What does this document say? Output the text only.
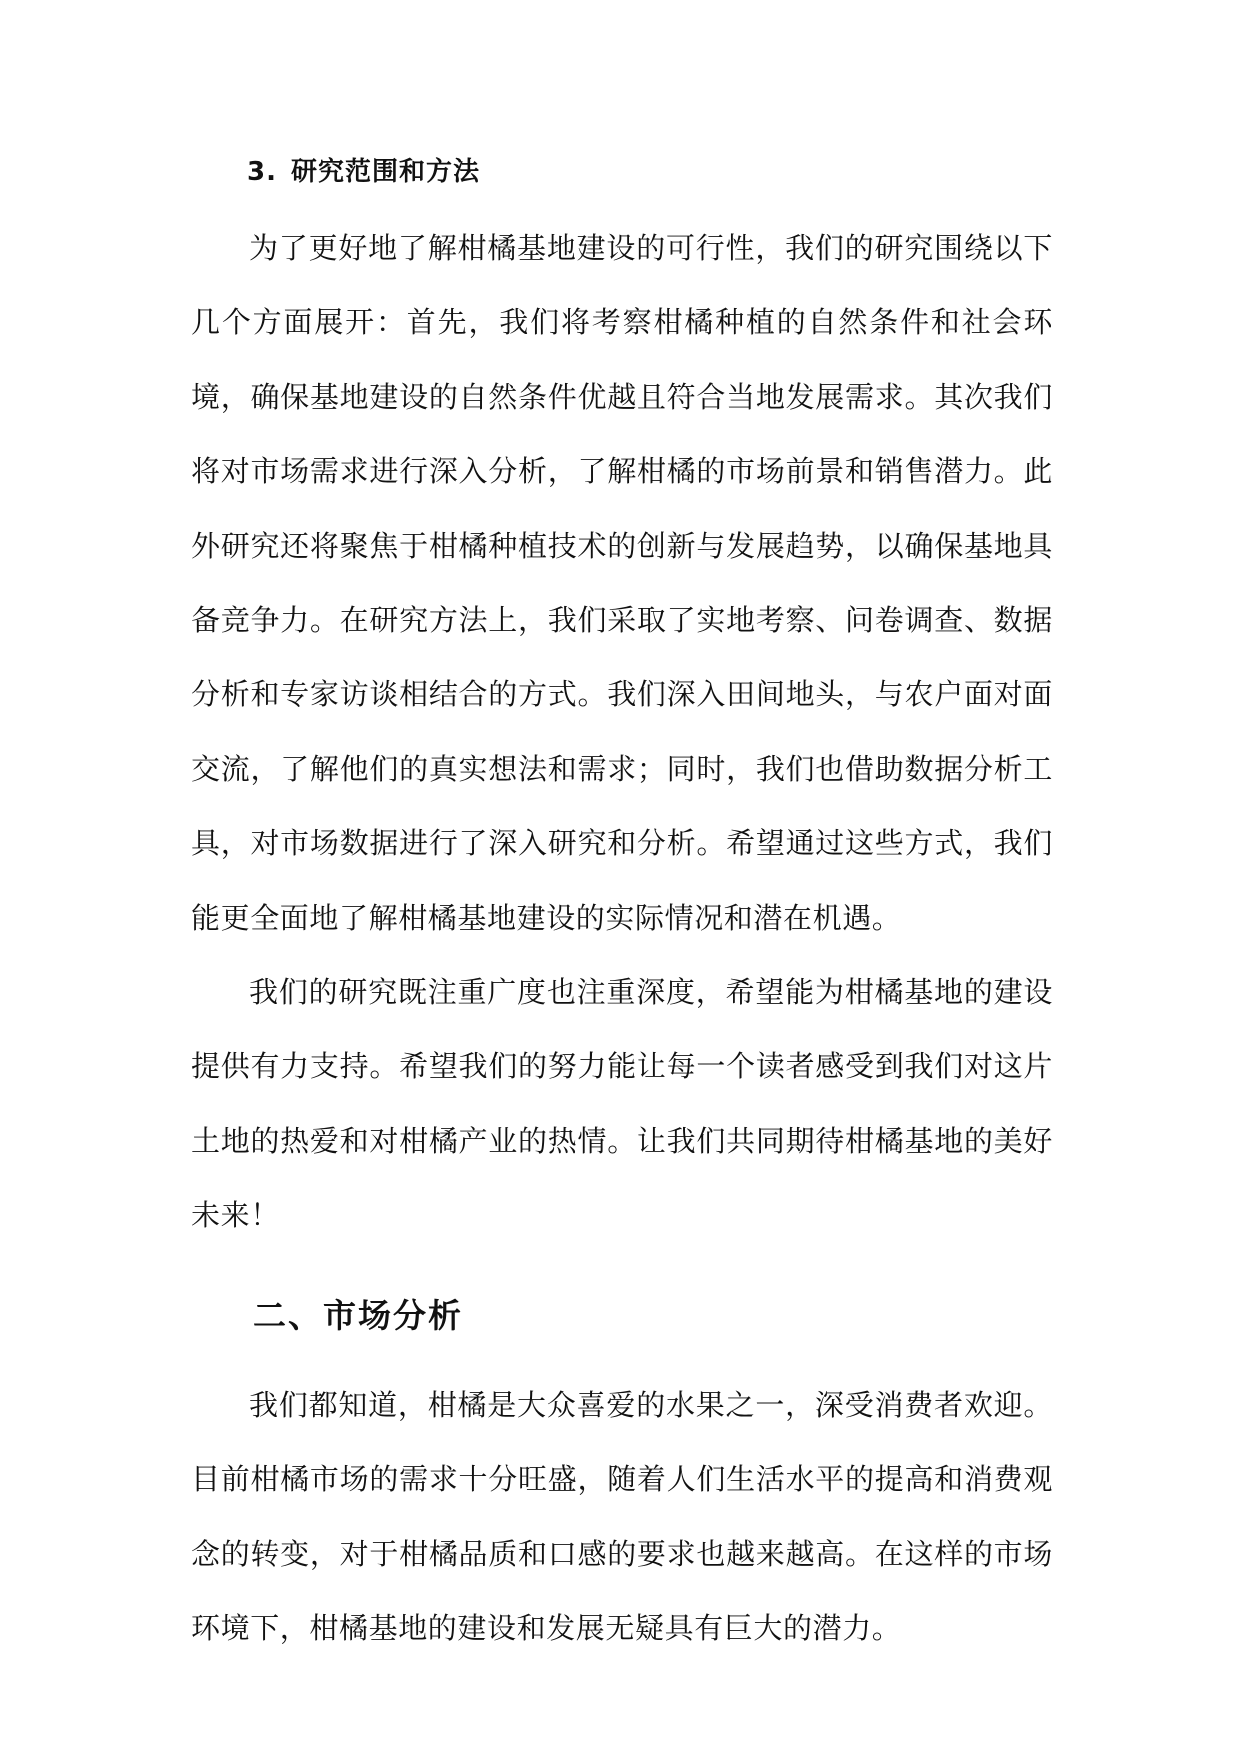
3. 研究范围和方法

为了更好地了解柑橘基地建设的可行性，我们的研究围绕以下几个方面展开：首先，我们将考察柑橘种植的自然条件和社会环境，确保基地建设的自然条件优越且符合当地发展需求。其次我们将对市场需求进行深入分析，了解柑橘的市场前景和销售潜力。此外研究还将聚焦于柑橘种植技术的创新与发展趋势，以确保基地具备竞争力。在研究方法上，我们采取了实地考察、问卷调查、数据分析和专家访谈相结合的方式。我们深入田间地头，与农户面对面交流，了解他们的真实想法和需求；同时，我们也借助数据分析工具，对市场数据进行了深入研究和分析。希望通过这些方式，我们能更全面地了解柑橘基地建设的实际情况和潜在机遇。

我们的研究既注重广度也注重深度，希望能为柑橘基地的建设提供有力支持。希望我们的努力能让每一个读者感受到我们对这片土地的热爱和对柑橘产业的热情。让我们共同期待柑橘基地的美好未来！

二、市场分析

我们都知道，柑橘是大众喜爱的水果之一，深受消费者欢迎。目前柑橘市场的需求十分旺盛，随着人们生活水平的提高和消费观念的转变，对于柑橘品质和口感的要求也越来越高。在这样的市场环境下，柑橘基地的建设和发展无疑具有巨大的潜力。
